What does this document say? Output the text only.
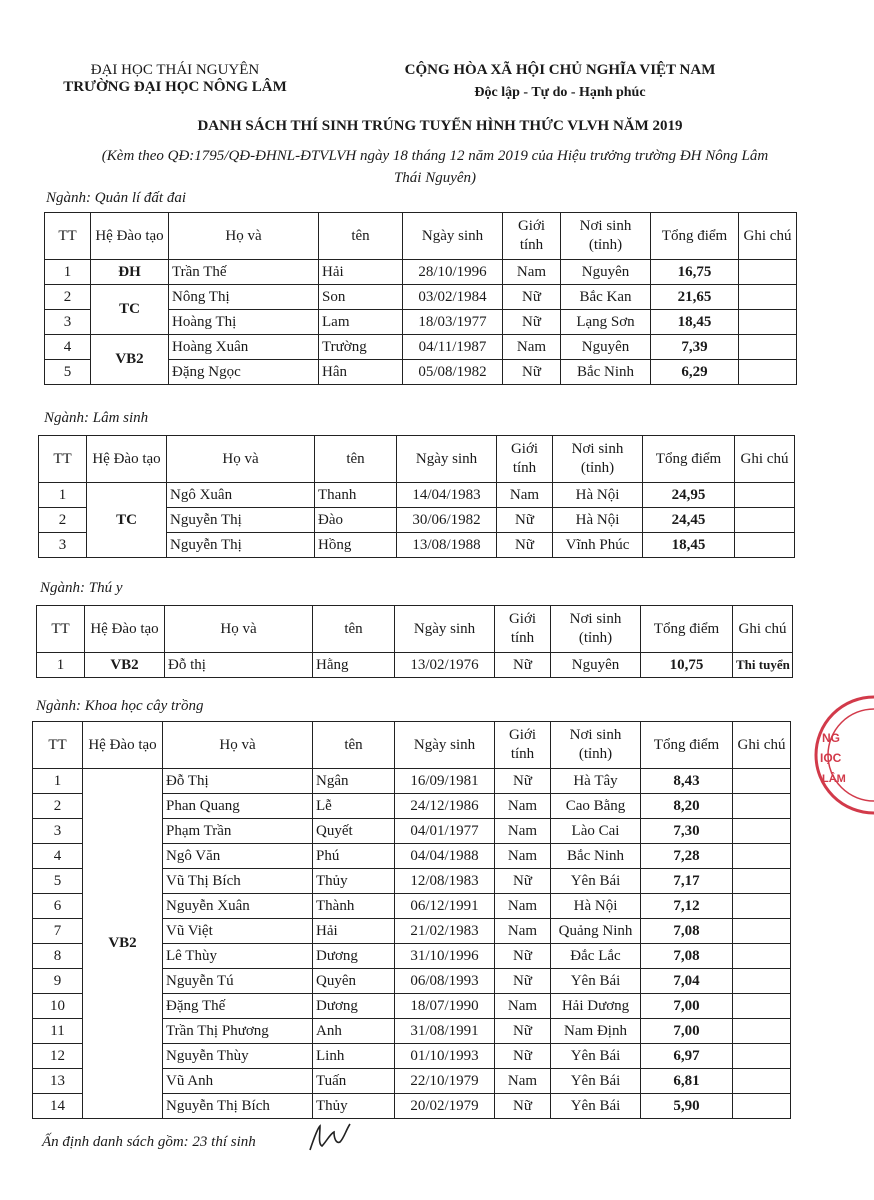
ĐẠI HỌC THÁI NGUYÊN
TRƯỜNG ĐẠI HỌC NÔNG LÂM
CỘNG HÒA XÃ HỘI CHỦ NGHĨA VIỆT NAM
Độc lập - Tự do - Hạnh phúc
DANH SÁCH THÍ SINH TRÚNG TUYỂN HÌNH THỨC VLVH NĂM 2019
(Kèm theo QĐ:1795/QĐ-ĐHNL-ĐTVLVH ngày 18 tháng 12 năm 2019 của Hiệu trưởng trường ĐH Nông Lâm Thái Nguyên)
Ngành: Quản lí đất đai
TT	Hệ Đào tạo	Họ và	tên	Ngày sinh	Giới tính	Nơi sinh (tỉnh)	Tổng điểm	Ghi chú
1	ĐH	Trần Thế	Hải	28/10/1996	Nam	Nguyên	16,75	
2	TC	Nông Thị	Son	03/02/1984	Nữ	Bắc Kan	21,65	
3		Hoàng Thị	Lam	18/03/1977	Nữ	Lạng Sơn	18,45	
4	VB2	Hoàng Xuân	Trường	04/11/1987	Nam	Nguyên	7,39	
5		Đặng Ngọc	Hân	05/08/1982	Nữ	Bắc Ninh	6,29	
Ngành: Lâm sinh
TT	Hệ Đào tạo	Họ và	tên	Ngày sinh	Giới tính	Nơi sinh (tỉnh)	Tổng điểm	Ghi chú
1	TC	Ngô Xuân	Thanh	14/04/1983	Nam	Hà Nội	24,95	
2		Nguyễn Thị	Đào	30/06/1982	Nữ	Hà Nội	24,45	
3		Nguyễn Thị	Hồng	13/08/1988	Nữ	Vĩnh Phúc	18,45	
Ngành: Thú y
TT	Hệ Đào tạo	Họ và	tên	Ngày sinh	Giới tính	Nơi sinh (tỉnh)	Tổng điểm	Ghi chú
1	VB2	Đỗ thị	Hằng	13/02/1976	Nữ	Nguyên	10,75	Thi tuyển
Ngành: Khoa học cây trồng
TT	Hệ Đào tạo	Họ và	tên	Ngày sinh	Giới tính	Nơi sinh (tỉnh)	Tổng điểm	Ghi chú
1	VB2	Đỗ Thị	Ngân	16/09/1981	Nữ	Hà Tây	8,43	
2		Phan Quang	Lễ	24/12/1986	Nam	Cao Bằng	8,20	
3		Phạm Trần	Quyết	04/01/1977	Nam	Lào Cai	7,30	
4		Ngô Văn	Phú	04/04/1988	Nam	Bắc Ninh	7,28	
5		Vũ Thị Bích	Thủy	12/08/1983	Nữ	Yên Bái	7,17	
6		Nguyễn Xuân	Thành	06/12/1991	Nam	Hà Nội	7,12	
7		Vũ Việt	Hải	21/02/1983	Nam	Quảng Ninh	7,08	
8		Lê Thùy	Dương	31/10/1996	Nữ	Đắc Lắc	7,08	
9		Nguyễn Tú	Quyên	06/08/1993	Nữ	Yên Bái	7,04	
10		Đặng Thế	Dương	18/07/1990	Nam	Hải Dương	7,00	
11		Trần Thị Phương	Anh	31/08/1991	Nữ	Nam Định	7,00	
12		Nguyễn Thùy	Linh	01/10/1993	Nữ	Yên Bái	6,97	
13		Vũ Anh	Tuấn	22/10/1979	Nam	Yên Bái	6,81	
14		Nguyễn Thị Bích	Thủy	20/02/1979	Nữ	Yên Bái	5,90	
Ấn định danh sách gồm: 23 thí sinh
NG
IỌC
LÂM
